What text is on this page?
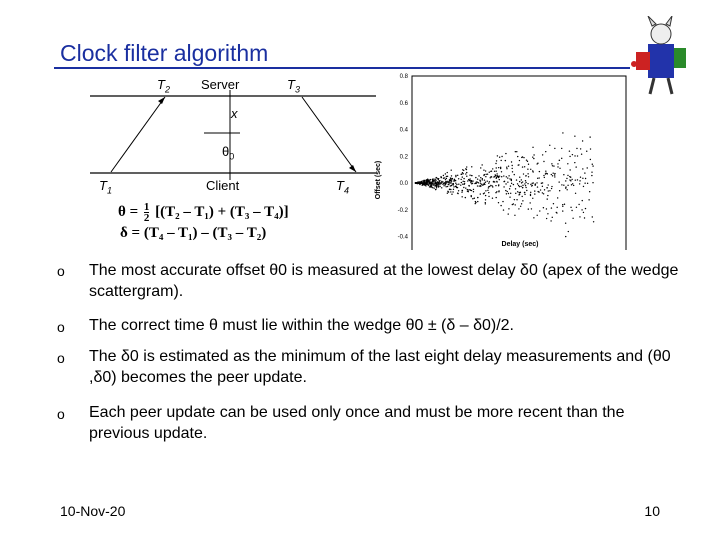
Clock filter algorithm
$T_2$ Server	$T_3$
x
$\theta_0$
$T_1$	Client	$T_4$
$\theta = \frac{1}{2} [(T_2 - T_1) + (T_3 - T_4)]$
δ = (T₄ – T₁) – (T₃ – T₂)
0.8
0.6
0.4
0.2
0.0
-0.2
-0.4
Offset (sec)
Delay (sec)
o The most accurate offset θ0 is measured at the lowest delay δ0 (apex of the wedge scattergram).
o The correct time θ must lie within the wedge θ0 ± (δ – δ0)/2.
o The δ0 is estimated as the minimum of the last eight delay measurements and (θ0 ,δ0) becomes the peer update.
o Each peer update can be used only once and must be more recent than the previous update.
10-Nov-20	10
